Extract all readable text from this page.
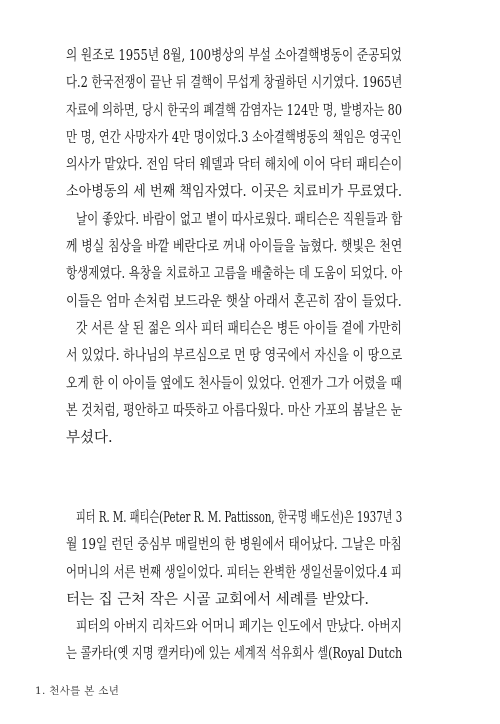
의 원조로 1955년 8월, 100병상의 부설 소아결핵병동이 준공되었
다.2 한국전쟁이 끝난 뒤 결핵이 무섭게 창궐하던 시기였다. 1965년
자료에 의하면, 당시 한국의 폐결핵 감염자는 124만 명, 발병자는 80
만 명, 연간 사망자가 4만 명이었다.3 소아결핵병동의 책임은 영국인
의사가 맡았다. 전임 닥터 웨델과 닥터 해치에 이어 닥터 패티슨이
소아병동의 세 번째 책임자였다. 이곳은 치료비가 무료였다.
날이 좋았다. 바람이 없고 볕이 따사로웠다. 패티슨은 직원들과 함
께 병실 침상을 바깥 베란다로 꺼내 아이들을 눕혔다. 햇빛은 천연
항생제였다. 욕창을 치료하고 고름을 배출하는 데 도움이 되었다. 아
이들은 엄마 손처럼 보드라운 햇살 아래서 혼곤히 잠이 들었다.
갓 서른 살 된 젊은 의사 피터 패티슨은 병든 아이들 곁에 가만히
서 있었다. 하나님의 부르심으로 먼 땅 영국에서 자신을 이 땅으로
오게 한 이 아이들 옆에도 천사들이 있었다. 언젠가 그가 어렸을 때
본 것처럼, 평안하고 따뜻하고 아름다웠다. 마산 가포의 봄날은 눈
부셨다.
피터 R. M. 패티슨(Peter R. M. Pattisson, 한국명 배도선)은 1937년 3
월 19일 런던 중심부 매릴번의 한 병원에서 태어났다. 그날은 마침
어머니의 서른 번째 생일이었다. 피터는 완벽한 생일선물이었다.4 피
터는 집 근처 작은 시골 교회에서 세례를 받았다.
피터의 아버지 리차드와 어머니 페기는 인도에서 만났다. 아버지
는 콜카타(옛 지명 캘커타)에 있는 세계적 석유회사 셸(Royal Dutch
1. 천사를 본 소년
